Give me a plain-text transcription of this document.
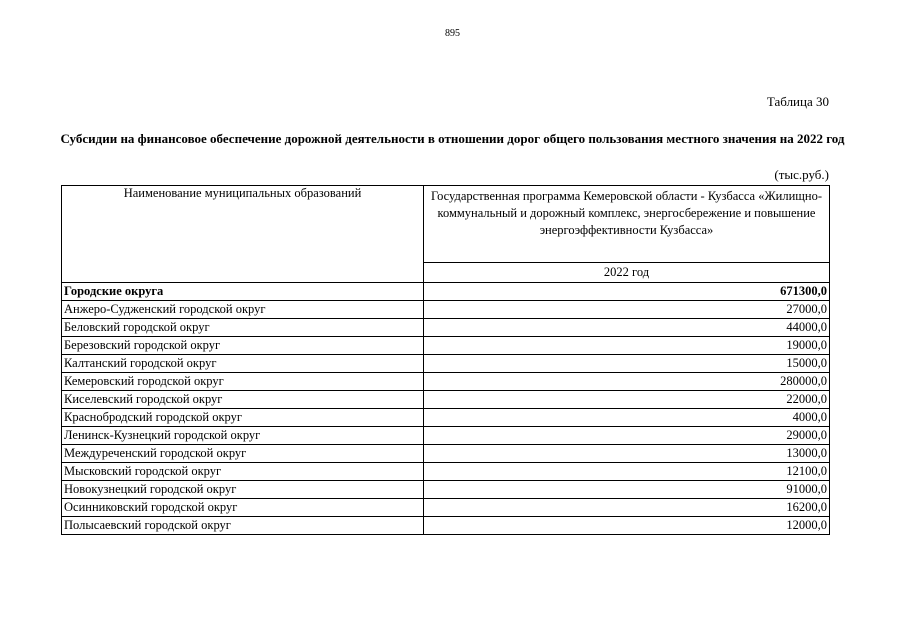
895
Таблица 30
Субсидии на финансовое обеспечение дорожной деятельности в отношении дорог общего пользования местного значения на 2022 год
(тыс.руб.)
Наименование муниципальных образований	Государственная программа Кемеровской области - Кузбасса «Жилищно-коммунальный и дорожный комплекс, энергосбережение и повышение энергоэффективности Кузбасса»
	2022 год
Городские округа	671300,0
Анжеро-Судженский городской округ	27000,0
Беловский городской округ	44000,0
Березовский городской округ	19000,0
Калтанский городской округ	15000,0
Кемеровский городской округ	280000,0
Киселевский городской округ	22000,0
Краснобродский городской округ	4000,0
Ленинск-Кузнецкий городской округ	29000,0
Междуреченский городской округ	13000,0
Мысковский городской округ	12100,0
Новокузнецкий городской округ	91000,0
Осинниковский городской округ	16200,0
Полысаевский городской округ	12000,0
